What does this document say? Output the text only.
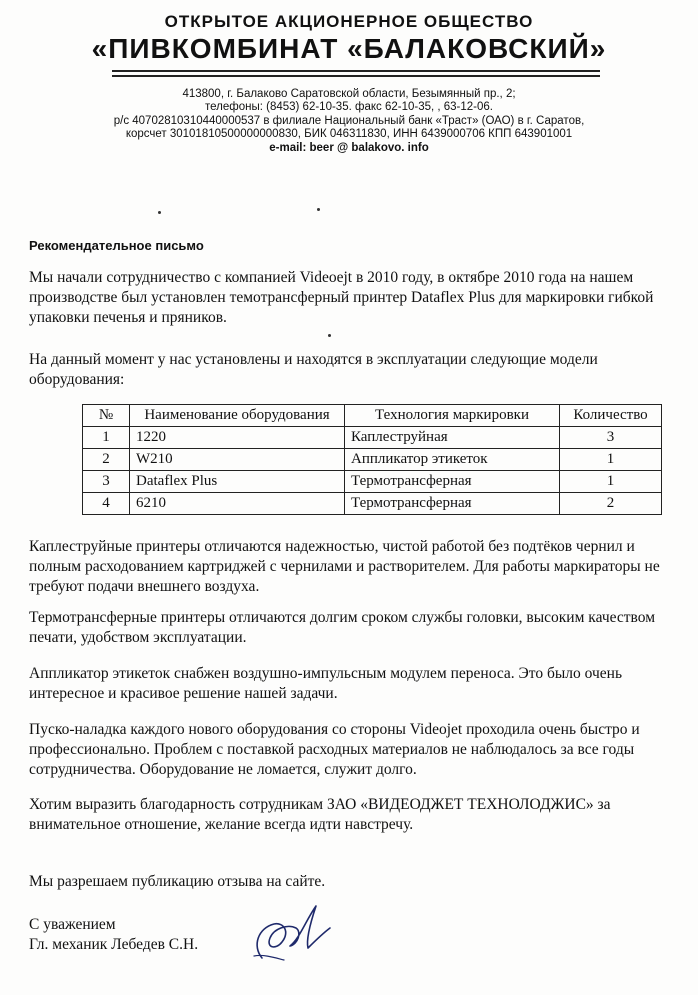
ОТКРЫТОЕ АКЦИОНЕРНОЕ ОБЩЕСТВО
«ПИВКОМБИНАТ «БАЛАКОВСКИЙ»
413800, г. Балаково Саратовской области, Безымянный пр., 2;
телефоны: (8453) 62-10-35. факс 62-10-35, , 63-12-06.
р/с 40702810310440000537 в филиале Национальный банк «Траст» (ОАО) в г. Саратов,
корсчет 30101810500000000830, БИК 046311830, ИНН 6439000706 КПП 643901001
e-mail: beer @ balakovo. info
Рекомендательное письмо
Мы начали сотрудничество с компанией Videoejt в 2010 году, в октябре 2010 года на нашем
производстве был установлен темотрансферный принтер Dataflex Plus для маркировки гибкой
упаковки печенья и пряников.
На данный момент у нас установлены и находятся в эксплуатации следующие модели
оборудования:
№	Наименование оборудования	Технология маркировки	Количество
1	1220	Каплеструйная	3
2	W210	Аппликатор этикеток	1
3	Dataflex Plus	Термотрансферная	1
4	6210	Термотрансферная	2
Каплеструйные принтеры отличаются надежностью, чистой работой без подтёков чернил и
полным расходованием картриджей с чернилами и растворителем. Для работы маркираторы не
требуют подачи внешнего воздуха.
Термотрансферные принтеры отличаются долгим сроком службы головки, высоким качеством
печати, удобством эксплуатации.
Аппликатор этикеток снабжен воздушно-импульсным модулем переноса. Это было очень
интересное и красивое решение нашей задачи.
Пуско-наладка каждого нового оборудования со стороны Videojet проходила очень быстро и
профессионально. Проблем с поставкой расходных материалов не наблюдалось за все годы
сотрудничества. Оборудование не ломается, служит долго.
Хотим выразить благодарность сотрудникам ЗАО «ВИДЕОДЖЕТ ТЕХНОЛОДЖИС» за
внимательное отношение, желание всегда идти навстречу.
Мы разрешаем публикацию отзыва на сайте.
С уважением
Гл. механик Лебедев С.Н.
